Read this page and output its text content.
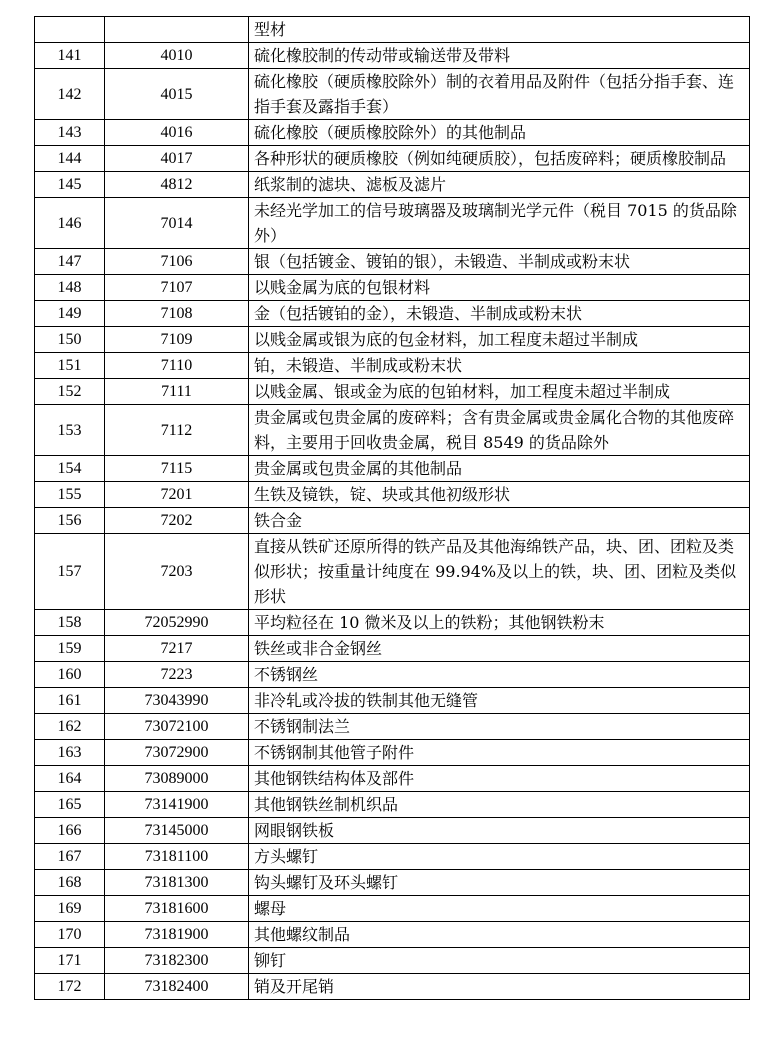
		型材
141	4010	硫化橡胶制的传动带或输送带及带料
142	4015	硫化橡胶（硬质橡胶除外）制的衣着用品及附件（包括分指手套、连指手套及露指手套）
143	4016	硫化橡胶（硬质橡胶除外）的其他制品
144	4017	各种形状的硬质橡胶（例如纯硬质胶），包括废碎料；硬质橡胶制品
145	4812	纸浆制的滤块、滤板及滤片
146	7014	未经光学加工的信号玻璃器及玻璃制光学元件（税目 7015 的货品除外）
147	7106	银（包括镀金、镀铂的银），未锻造、半制成或粉末状
148	7107	以贱金属为底的包银材料
149	7108	金（包括镀铂的金），未锻造、半制成或粉末状
150	7109	以贱金属或银为底的包金材料，加工程度未超过半制成
151	7110	铂，未锻造、半制成或粉末状
152	7111	以贱金属、银或金为底的包铂材料，加工程度未超过半制成
153	7112	贵金属或包贵金属的废碎料；含有贵金属或贵金属化合物的其他废碎料，主要用于回收贵金属，税目 8549 的货品除外
154	7115	贵金属或包贵金属的其他制品
155	7201	生铁及镜铁，锭、块或其他初级形状
156	7202	铁合金
157	7203	直接从铁矿还原所得的铁产品及其他海绵铁产品，块、团、团粒及类似形状；按重量计纯度在 99.94%及以上的铁，块、团、团粒及类似形状
158	72052990	平均粒径在 10 微米及以上的铁粉；其他钢铁粉末
159	7217	铁丝或非合金钢丝
160	7223	不锈钢丝
161	73043990	非冷轧或冷拔的铁制其他无缝管
162	73072100	不锈钢制法兰
163	73072900	不锈钢制其他管子附件
164	73089000	其他钢铁结构体及部件
165	73141900	其他钢铁丝制机织品
166	73145000	网眼钢铁板
167	73181100	方头螺钉
168	73181300	钩头螺钉及环头螺钉
169	73181600	螺母
170	73181900	其他螺纹制品
171	73182300	铆钉
172	73182400	销及开尾销
